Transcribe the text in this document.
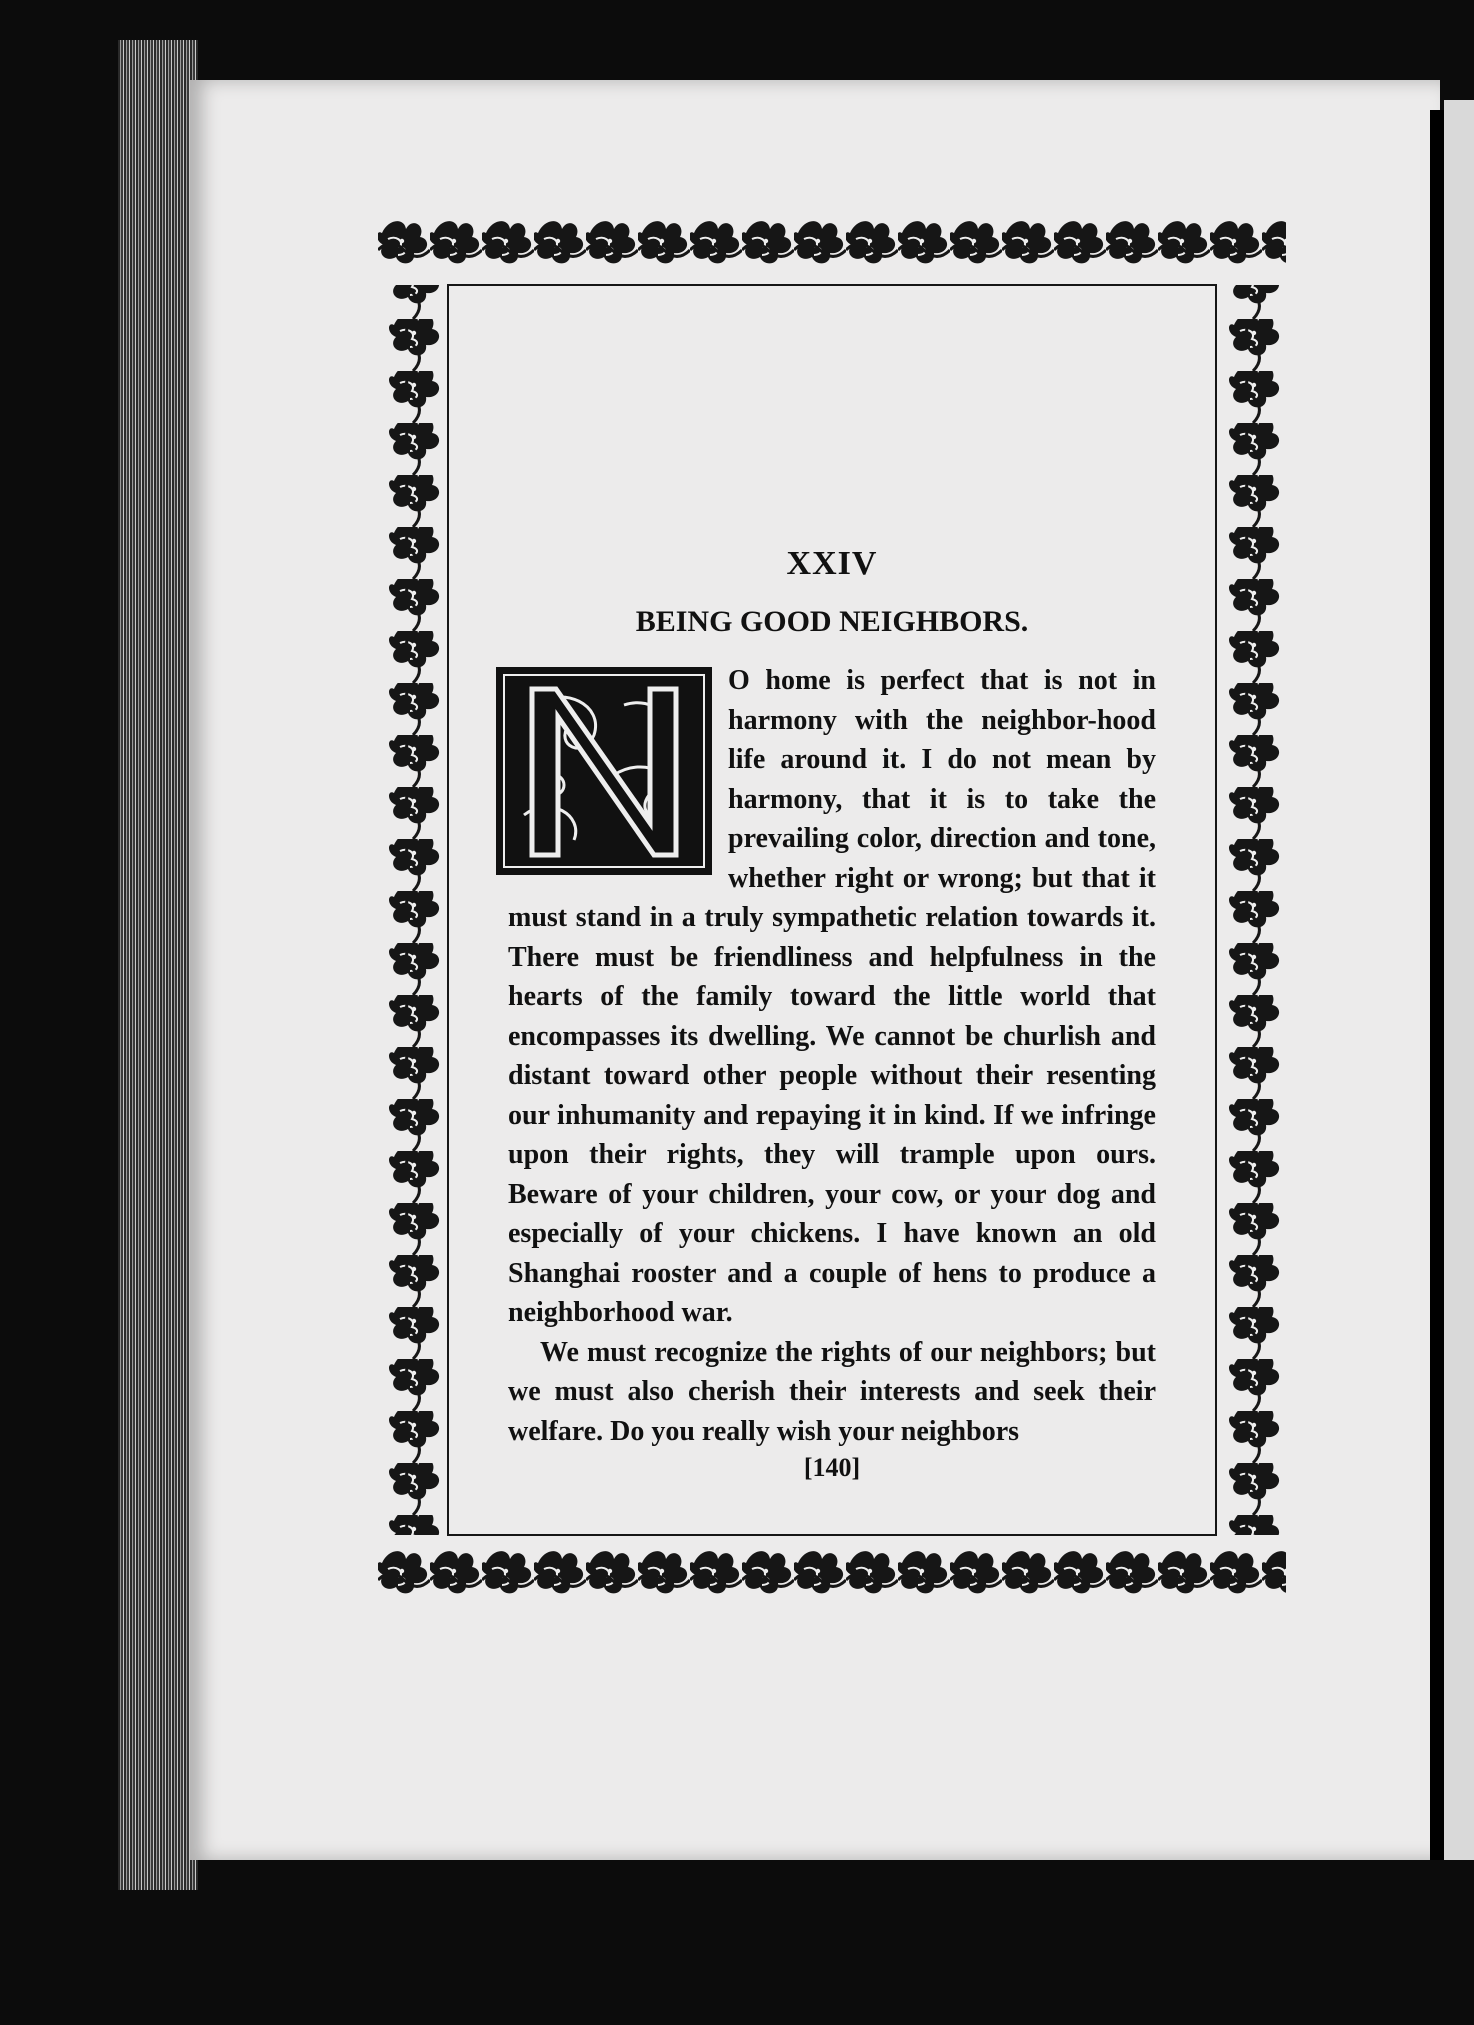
XXIV
BEING GOOD NEIGHBORS.
N

O home is perfect that is not in harmony with the neighbor-hood life around it. I do not mean by harmony, that it is to take the prevailing color, direction and tone, whether right or wrong; but that it must stand in a truly sympathetic relation towards it. There must be friendliness and helpfulness in the hearts of the family toward the little world that encompasses its dwelling. We cannot be churlish and distant toward other people without their resenting our inhumanity and repaying it in kind. If we infringe upon their rights, they will trample upon ours. Beware of your children, your cow, or your dog and especially of your chickens. I have known an old Shanghai rooster and a couple of hens to produce a neighborhood war.

We must recognize the rights of our neighbors; but we must also cherish their interests and seek their welfare. Do you really wish your neighbors

[140]
